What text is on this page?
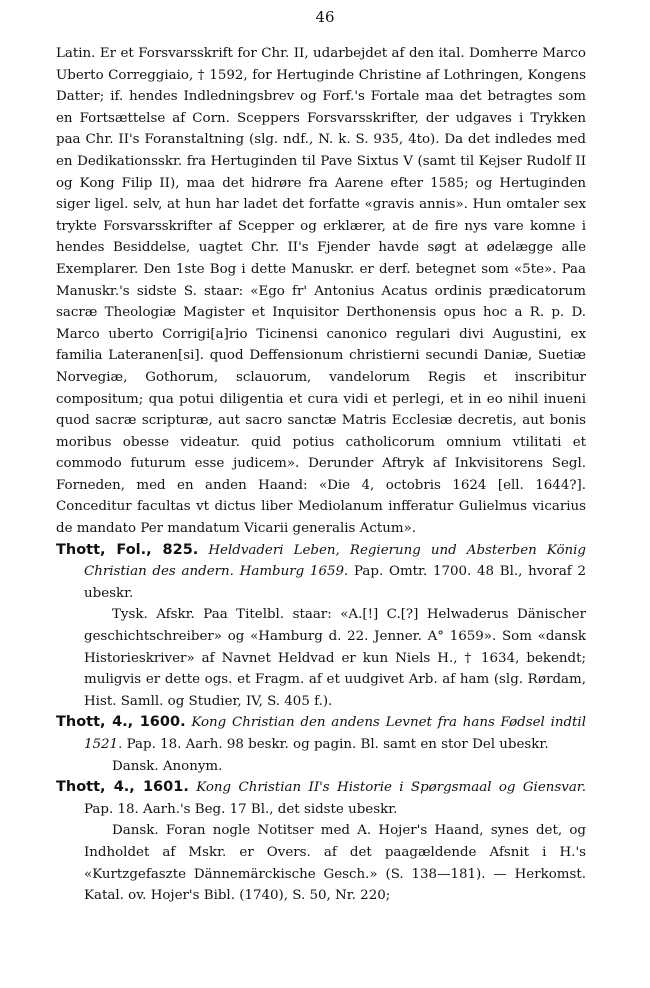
46

Latin. Er et Forsvarsskrift for Chr. II, udarbejdet af den ital. Domherre Marco Uberto Correggiaio, † 1592, for Hertuginde Christine af Lothringen, Kongens Datter; if. hendes Indledningsbrev og Forf.'s Fortale maa det betragtes som en Fortsættelse af Corn. Sceppers Forsvarsskrifter, der udgaves i Trykken paa Chr. II's Foranstaltning (slg. ndf., N. k. S. 935, 4to). Da det indledes med en Dedikationsskr. fra Hertuginden til Pave Sixtus V (samt til Kejser Rudolf II og Kong Filip II), maa det hidrøre fra Aarene efter 1585; og Hertuginden siger ligel. selv, at hun har ladet det forfatte «gravis annis». Hun omtaler sex trykte Forsvarsskrifter af Scepper og erklærer, at de fire nys vare komne i hendes Besiddelse, uagtet Chr. II's Fjender havde søgt at ødelægge alle Exemplarer. Den 1ste Bog i dette Manuskr. er derf. betegnet som «5te». Paa Manuskr.'s sidste S. staar: «Ego fr' Antonius Acatus ordinis prædicatorum sacræ Theologiæ Magister et Inquisitor Derthonensis opus hoc a R. p. D. Marco uberto Corrigi[a]rio Ticinensi canonico regulari divi Augustini, ex familia Lateranen[si]. quod Deffensionum christierni secundi Daniæ, Suetiæ Norvegiæ, Gothorum, sclauorum, vandelorum Regis et inscribitur compositum; qua potui diligentia et cura vidi et perlegi, et in eo nihil inueni quod sacræ scripturæ, aut sacro sanctæ Matris Ecclesiæ decretis, aut bonis moribus obesse videatur. quid potius catholicorum omnium vtilitati et commodo futurum esse judicem». Derunder Aftryk af Inkvisitorens Segl. Forneden, med en anden Haand: «Die 4, octobris 1624 [ell. 1644?]. Conceditur facultas vt dictus liber Mediolanum infferatur Gulielmus vicarius de mandato Per mandatum Vicarii generalis Actum».

Thott, Fol., 825. Heldvaderi Leben, Regierung und Absterben König Christian des andern. Hamburg 1659. Pap. Omtr. 1700. 48 Bl., hvoraf 2 ubeskr.

Tysk. Afskr. Paa Titelbl. staar: «A.[!] C.[?] Helwaderus Dänischer geschichtschreiber» og «Hamburg d. 22. Jenner. A° 1659». Som «dansk Historieskriver» af Navnet Heldvad er kun Niels H., † 1634, bekendt; muligvis er dette ogs. et Fragm. af et uudgivet Arb. af ham (slg. Rørdam, Hist. Samll. og Studier, IV, S. 405 f.).

Thott, 4., 1600. Kong Christian den andens Levnet fra hans Fødsel indtil 1521. Pap. 18. Aarh. 98 beskr. og pagin. Bl. samt en stor Del ubeskr.

Dansk. Anonym.

Thott, 4., 1601. Kong Christian II's Historie i Spørgsmaal og Giensvar. Pap. 18. Aarh.'s Beg. 17 Bl., det sidste ubeskr.

Dansk. Foran nogle Notitser med A. Hojer's Haand, synes det, og Indholdet af Mskr. er Overs. af det paagældende Afsnit i H.'s «Kurtzgefaszte Dännemärckische Gesch.» (S. 138—181). — Herkomst. Katal. ov. Hojer's Bibl. (1740), S. 50, Nr. 220;
